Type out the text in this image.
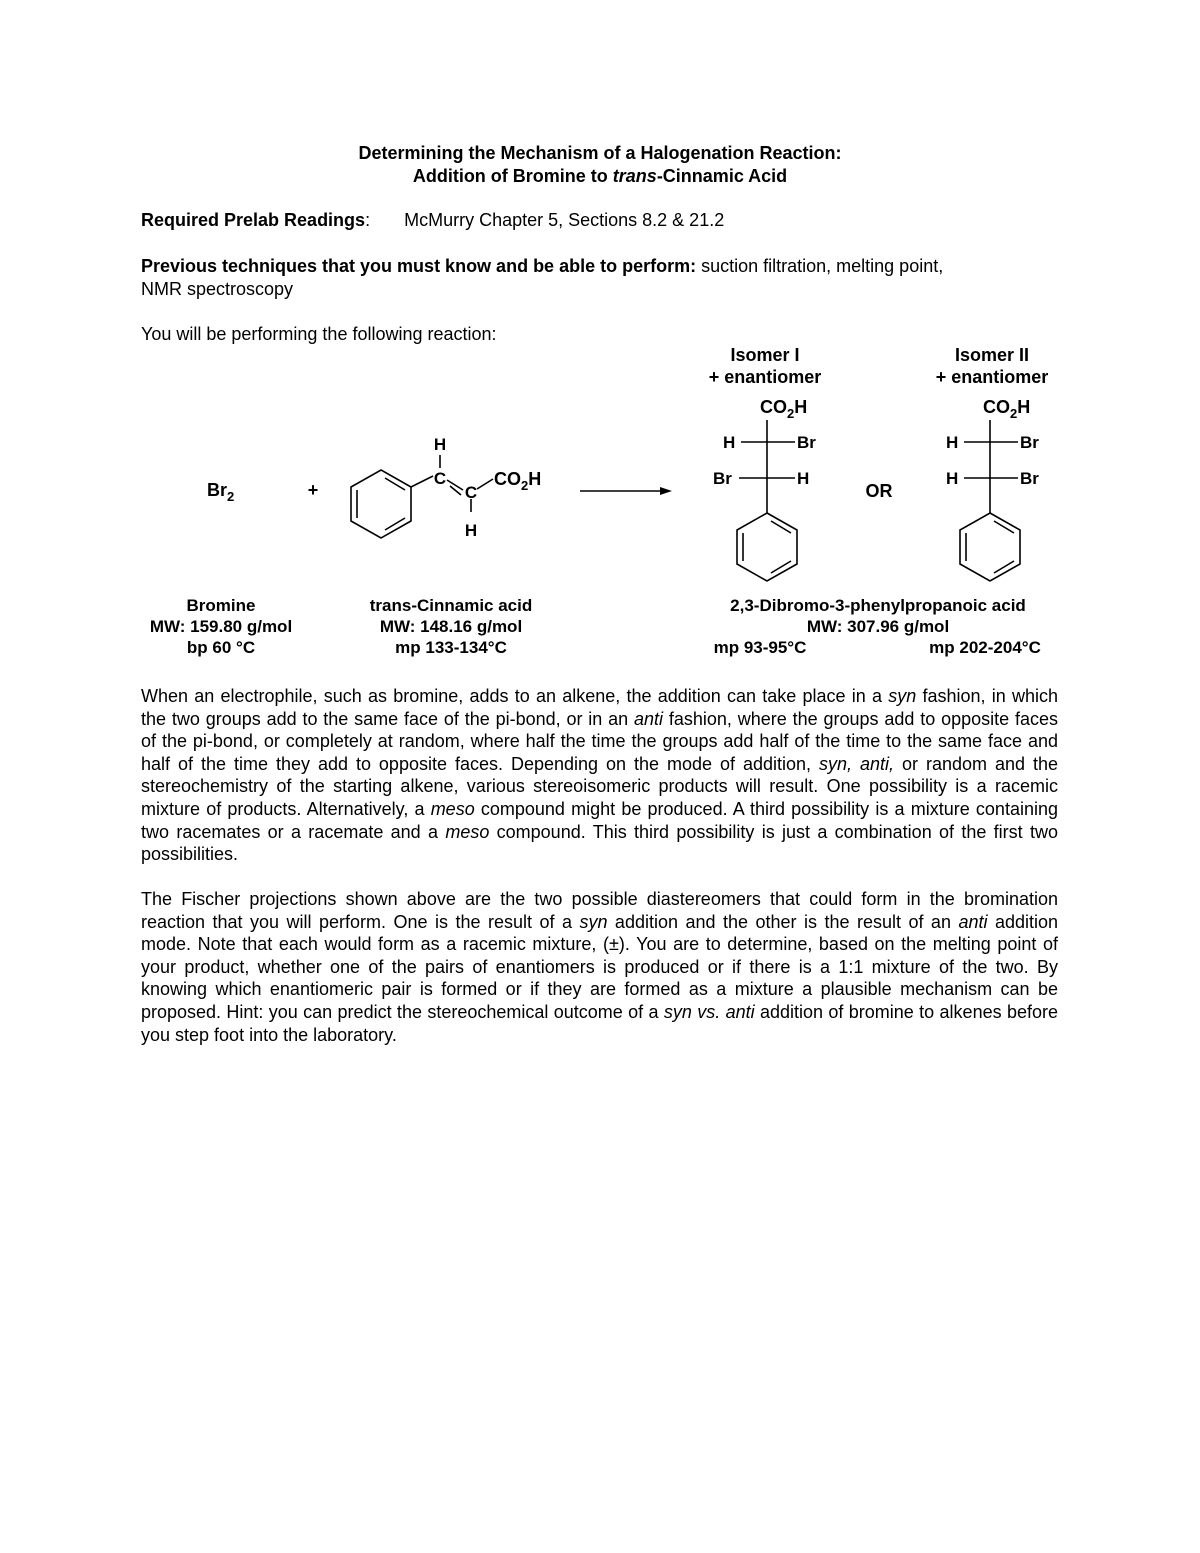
Determining the Mechanism of a Halogenation Reaction:
Addition of Bromine to trans-Cinnamic Acid
Required Prelab Readings: McMurry Chapter 5, Sections 8.2 & 21.2
Previous techniques that you must know and be able to perform: suction filtration, melting point,
NMR spectroscopy
You will be performing the following reaction:
Isomer I
+ enantiomer
Isomer II
+ enantiomer
$Br_2$	+
H
C
C
H
$CO_2H$
$CO_2H$
H	Br
Br	H
OR
$CO_2H$
H	Br
H	Br
Bromine
MW: 159.80 g/mol
bp 60 °C
trans-Cinnamic acid
MW: 148.16 g/mol
mp 133-134°C
2,3-Dibromo-3-phenylpropanoic acid
MW: 307.96 g/mol
mp 93-95°C	mp 202-204°C
When an electrophile, such as bromine, adds to an alkene, the addition can take place in a syn fashion, in which the two groups add to the same face of the pi-bond, or in an anti fashion, where the groups add to opposite faces of the pi-bond, or completely at random, where half the time the groups add half of the time to the same face and half of the time they add to opposite faces. Depending on the mode of addition, syn, anti, or random and the stereochemistry of the starting alkene, various stereoisomeric products will result. One possibility is a racemic mixture of products. Alternatively, a meso compound might be produced. A third possibility is a mixture containing two racemates or a racemate and a meso compound. This third possibility is just a combination of the first two possibilities.
The Fischer projections shown above are the two possible diastereomers that could form in the bromination reaction that you will perform. One is the result of a syn addition and the other is the result of an anti addition mode. Note that each would form as a racemic mixture, (±). You are to determine, based on the melting point of your product, whether one of the pairs of enantiomers is produced or if there is a 1:1 mixture of the two. By knowing which enantiomeric pair is formed or if they are formed as a mixture a plausible mechanism can be proposed. Hint: you can predict the stereochemical outcome of a syn vs. anti addition of bromine to alkenes before you step foot into the laboratory.
